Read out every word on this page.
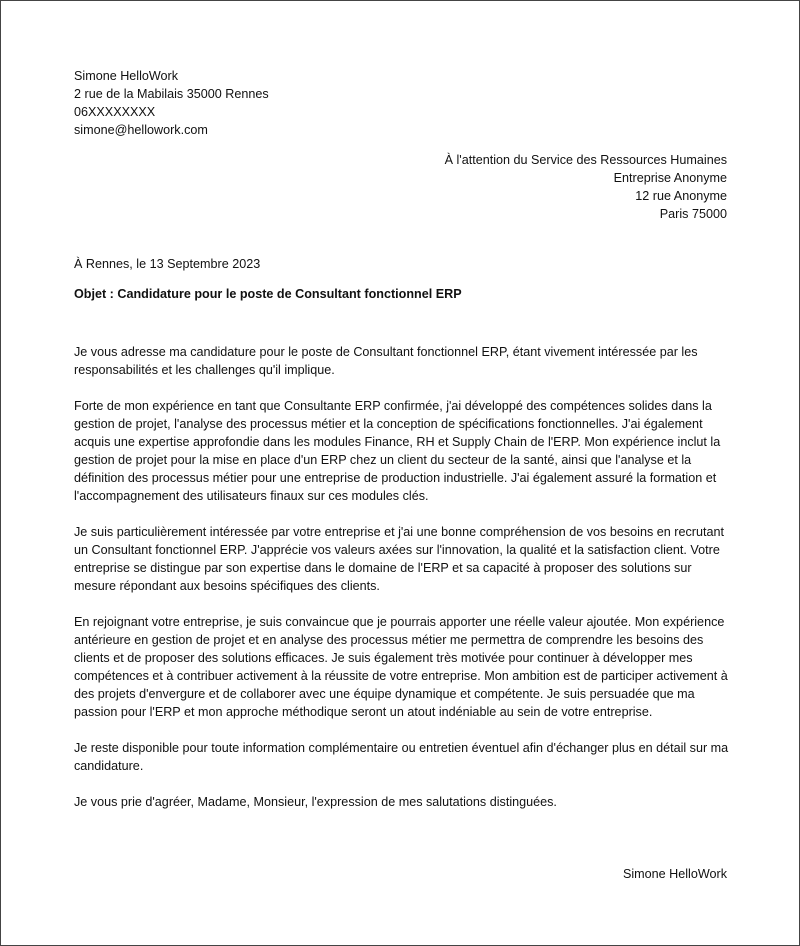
Simone HelloWork
2 rue de la Mabilais 35000 Rennes
06XXXXXXXX
simone@hellowork.com
À l'attention du Service des Ressources Humaines
Entreprise Anonyme
12 rue Anonyme
Paris 75000
À Rennes, le 13 Septembre 2023
Objet : Candidature pour le poste de Consultant fonctionnel ERP

Je vous adresse ma candidature pour le poste de Consultant fonctionnel ERP, étant vivement intéressée par les responsabilités et les challenges qu'il implique.

Forte de mon expérience en tant que Consultante ERP confirmée, j'ai développé des compétences solides dans la gestion de projet, l'analyse des processus métier et la conception de spécifications fonctionnelles. J'ai également acquis une expertise approfondie dans les modules Finance, RH et Supply Chain de l'ERP. Mon expérience inclut la gestion de projet pour la mise en place d'un ERP chez un client du secteur de la santé, ainsi que l'analyse et la définition des processus métier pour une entreprise de production industrielle. J'ai également assuré la formation et l'accompagnement des utilisateurs finaux sur ces modules clés.

Je suis particulièrement intéressée par votre entreprise et j'ai une bonne compréhension de vos besoins en recrutant un Consultant fonctionnel ERP. J'apprécie vos valeurs axées sur l'innovation, la qualité et la satisfaction client. Votre entreprise se distingue par son expertise dans le domaine de l'ERP et sa capacité à proposer des solutions sur mesure répondant aux besoins spécifiques des clients.

En rejoignant votre entreprise, je suis convaincue que je pourrais apporter une réelle valeur ajoutée. Mon expérience antérieure en gestion de projet et en analyse des processus métier me permettra de comprendre les besoins des clients et de proposer des solutions efficaces. Je suis également très motivée pour continuer à développer mes compétences et à contribuer activement à la réussite de votre entreprise. Mon ambition est de participer activement à des projets d'envergure et de collaborer avec une équipe dynamique et compétente. Je suis persuadée que ma passion pour l'ERP et mon approche méthodique seront un atout indéniable au sein de votre entreprise.

Je reste disponible pour toute information complémentaire ou entretien éventuel afin d'échanger plus en détail sur ma candidature.

Je vous prie d'agréer, Madame, Monsieur, l'expression de mes salutations distinguées.

Simone HelloWork
